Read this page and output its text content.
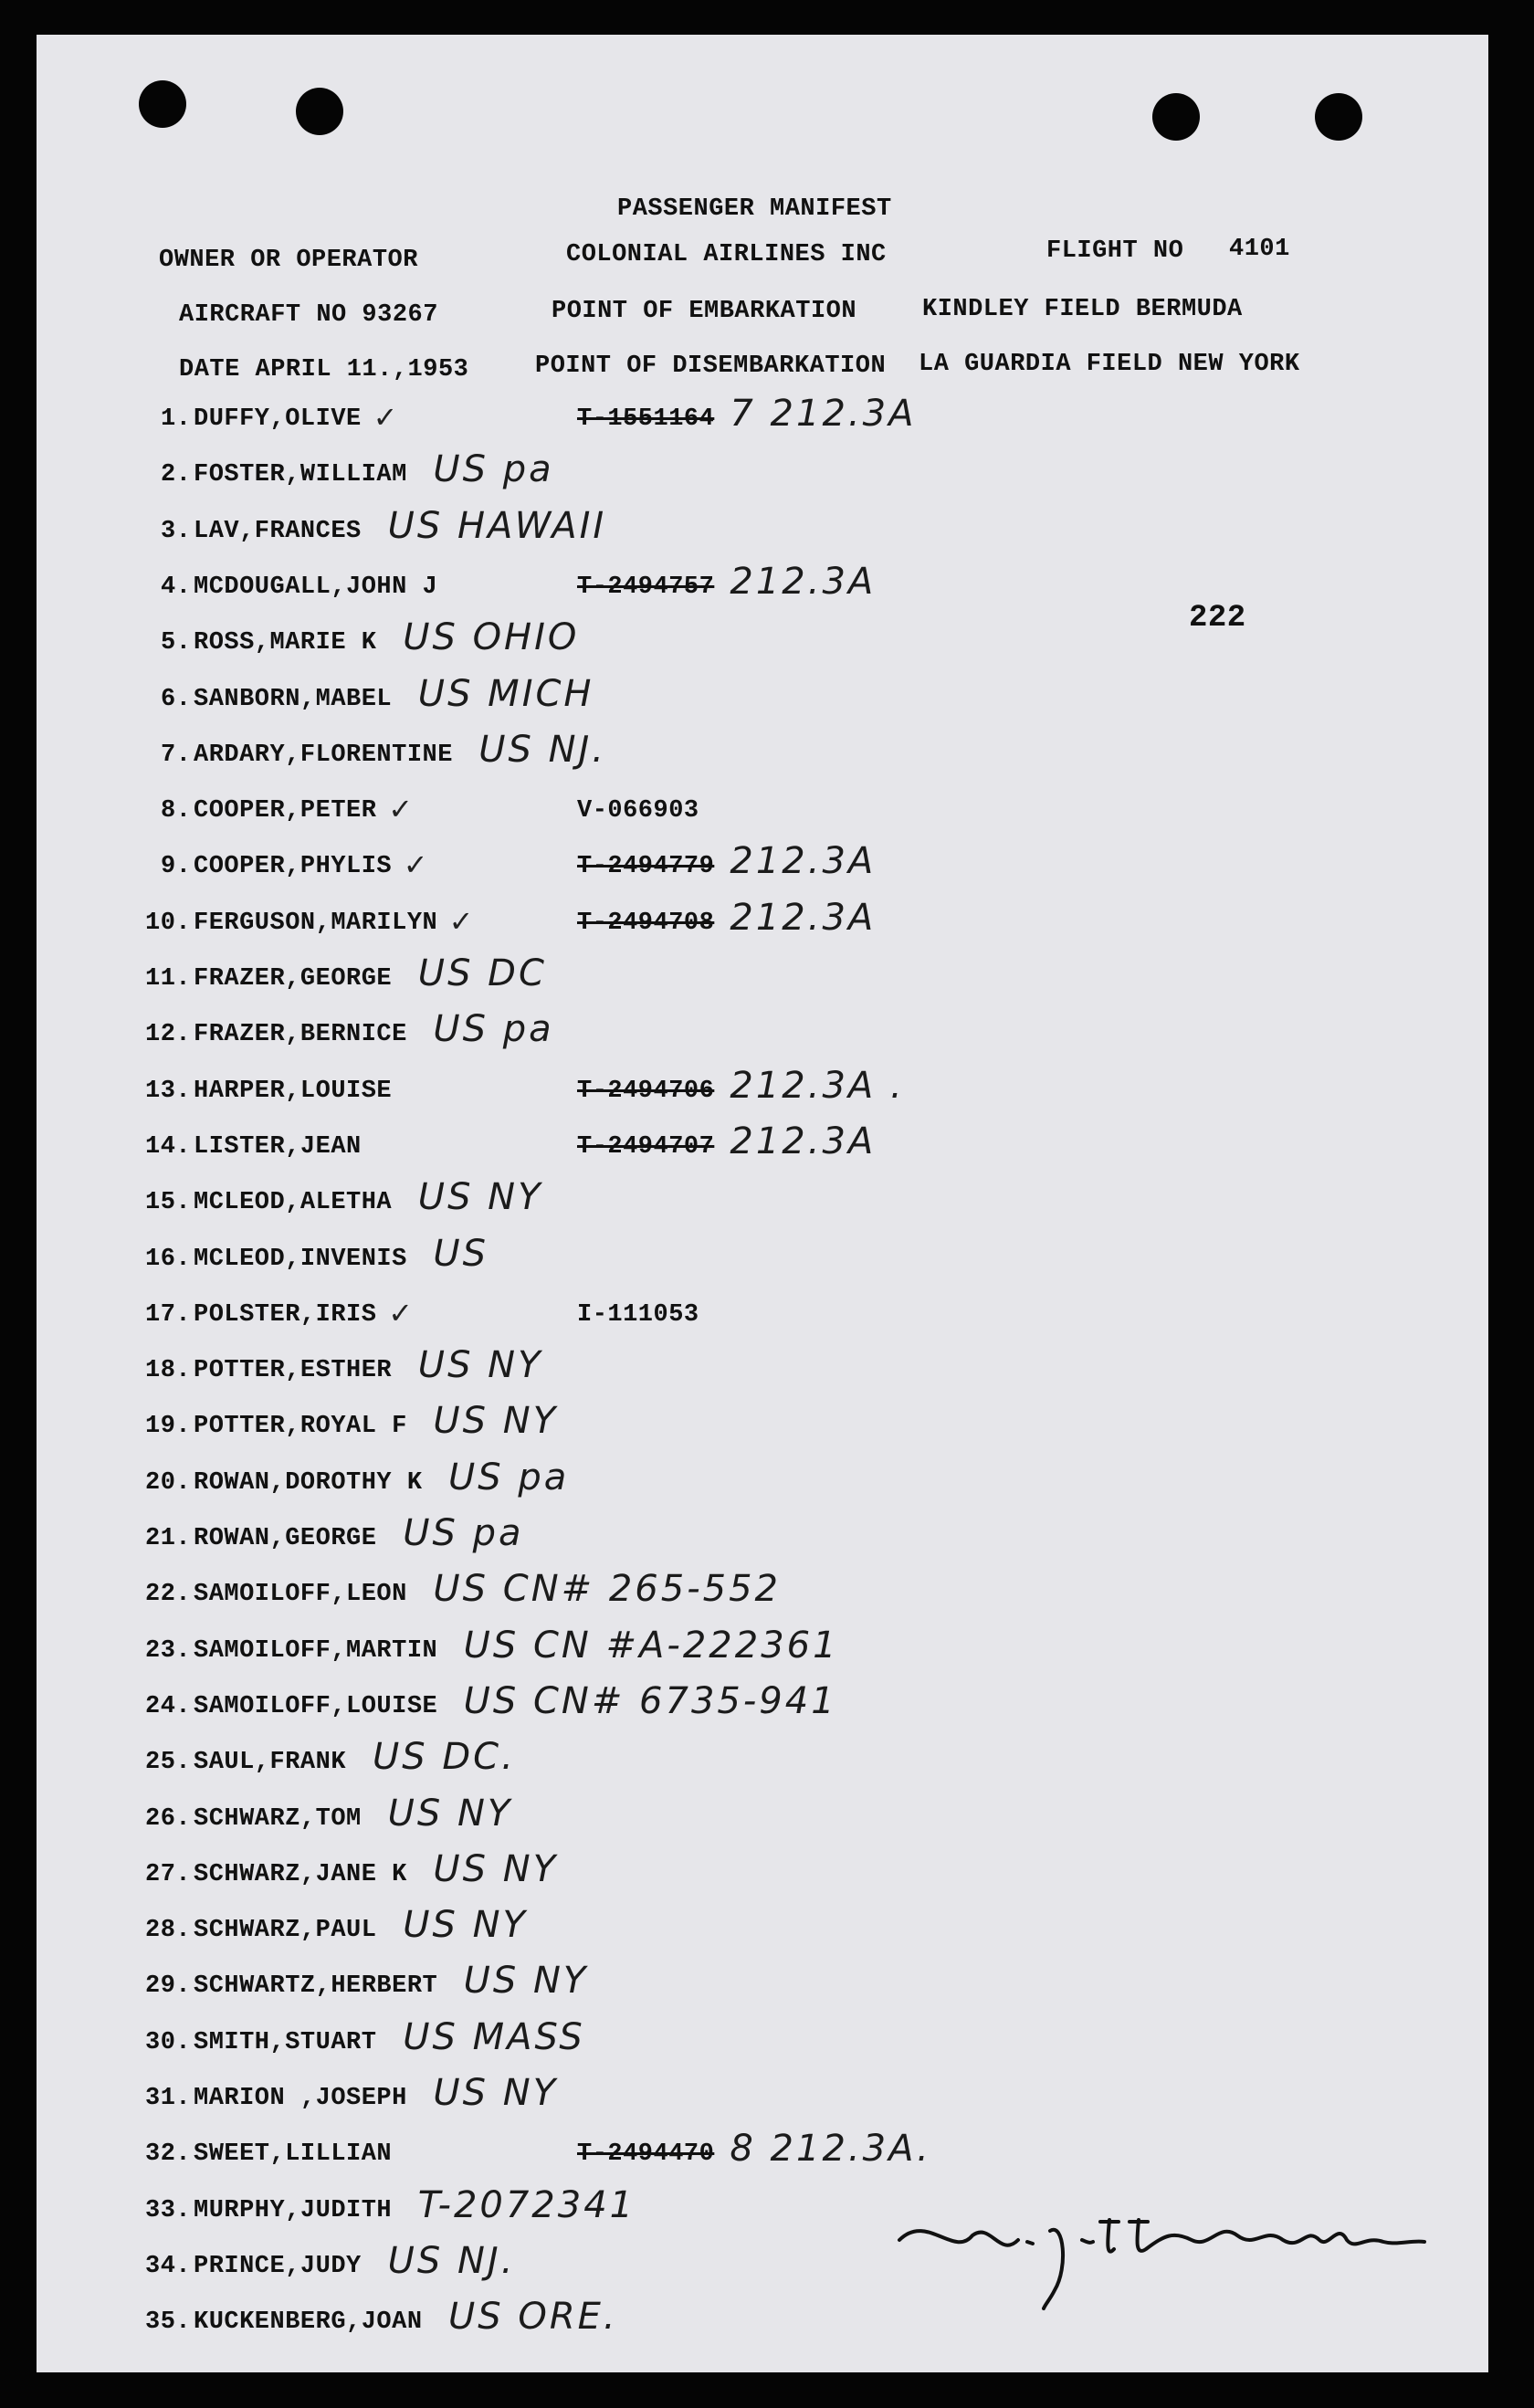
PASSENGER MANIFEST
OWNER OR OPERATOR	COLONIAL AIRLINES INC	FLIGHT NO 4101
AIRCRAFT NO 93267	POINT OF EMBARKATION	KINDLEY FIELD BERMUDA
DATE APRIL 11.,1953	POINT OF DISEMBARKATION LA GUARDIA FIELD NEW YORK
222
1. DUFFY,OLIVE ✓	T-1551164 7 212.3A
2. FOSTER,WILLIAM US pa
3. LAV,FRANCES US HAWAII
4. MCDOUGALL,JOHN J	T-2494757 212.3A
5. ROSS,MARIE K US OHIO
6. SANBORN,MABEL US MICH
7. ARDARY,FLORENTINE US NJ.
8. COOPER,PETER ✓	V-066903
9. COOPER,PHYLIS ✓	T-2494779 212.3A
10. FERGUSON,MARILYN ✓	T-2494708 212.3A
11. FRAZER,GEORGE US DC
12. FRAZER,BERNICE US pa
13. HARPER,LOUISE	T-2494706 212.3A .
14. LISTER,JEAN	T-2494707 212.3A
15. MCLEOD,ALETHA US NY
16. MCLEOD,INVENIS US
17. POLSTER,IRIS ✓	I-111053
18. POTTER,ESTHER US NY
19. POTTER,ROYAL F US NY
20. ROWAN,DOROTHY K US pa
21. ROWAN,GEORGE US pa
22. SAMOILOFF,LEON US CN# 265-552
23. SAMOILOFF,MARTIN US CN #A-222361
24. SAMOILOFF,LOUISE US CN# 6735-941
25. SAUL,FRANK US DC.
26. SCHWARZ,TOM US NY
27. SCHWARZ,JANE K US NY
28. SCHWARZ,PAUL US NY
29. SCHWARTZ,HERBERT US NY
30. SMITH,STUART US MASS
31. MARION ,JOSEPH US NY
32. SWEET,LILLIAN	T-2494470 8 212.3A.
33. MURPHY,JUDITH T-2072341
34. PRINCE,JUDY US NJ.
35. KUCKENBERG,JOAN US ORE.
